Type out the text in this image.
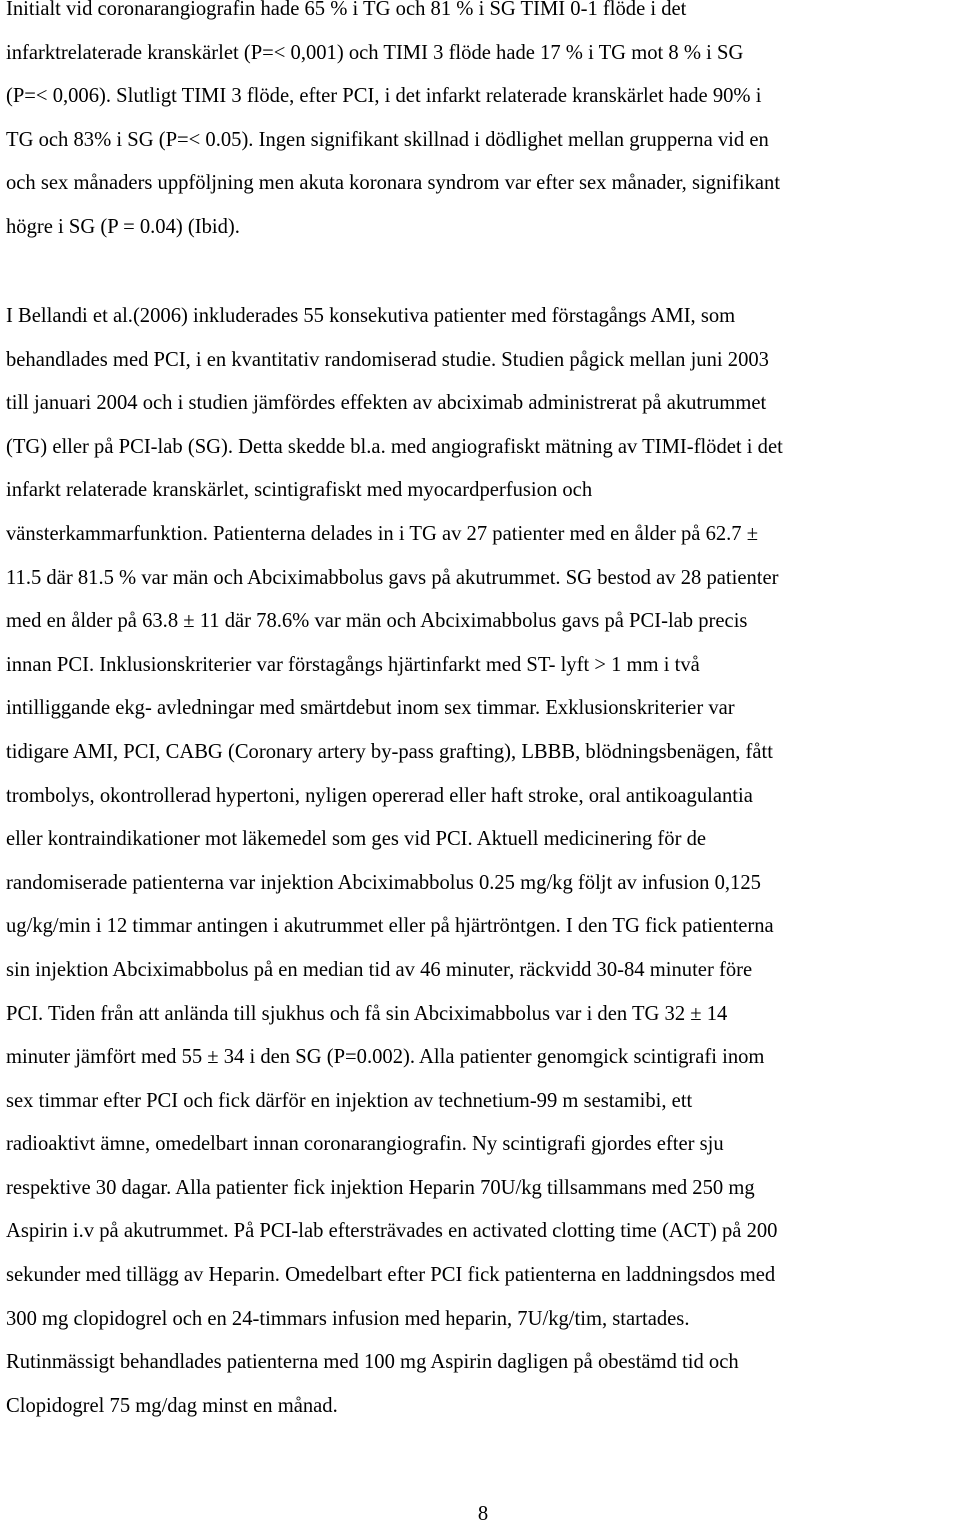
Initialt vid coronarangiografin hade 65 % i TG och 81 % i SG TIMI 0-1 flöde i det
infarktrelaterade kranskärlet (P=< 0,001) och TIMI 3 flöde hade 17 % i TG mot 8 % i SG
(P=< 0,006). Slutligt TIMI 3 flöde, efter PCI, i det infarkt relaterade kranskärlet hade 90% i
TG och 83% i SG (P=< 0.05). Ingen signifikant skillnad i dödlighet mellan grupperna vid en
och sex månaders uppföljning men akuta koronara syndrom var efter sex månader, signifikant
högre i SG (P = 0.04) (Ibid).
I Bellandi et al.(2006) inkluderades 55 konsekutiva patienter med förstagångs AMI, som
behandlades med PCI, i en kvantitativ randomiserad studie. Studien pågick mellan juni 2003
till januari 2004 och i studien jämfördes effekten av abciximab administrerat på akutrummet
(TG) eller på PCI-lab (SG). Detta skedde bl.a. med angiografiskt mätning av TIMI-flödet i det
infarkt relaterade kranskärlet, scintigrafiskt med myocardperfusion och
vänsterkammarfunktion. Patienterna delades in i TG av 27 patienter med en ålder på 62.7 ±
11.5 där 81.5 % var män och Abciximabbolus gavs på akutrummet. SG bestod av 28 patienter
med en ålder på 63.8 ± 11 där 78.6% var män och Abciximabbolus gavs på PCI-lab precis
innan PCI. Inklusionskriterier var förstagångs hjärtinfarkt med ST- lyft > 1 mm i två
intilliggande ekg- avledningar med smärtdebut inom sex timmar. Exklusionskriterier var
tidigare AMI, PCI, CABG (Coronary artery by-pass grafting), LBBB, blödningsbenägen, fått
trombolys, okontrollerad hypertoni, nyligen opererad eller haft stroke, oral antikoagulantia
eller kontraindikationer mot läkemedel som ges vid PCI. Aktuell medicinering för de
randomiserade patienterna var injektion Abciximabbolus 0.25 mg/kg följt av infusion 0,125
ug/kg/min i 12 timmar antingen i akutrummet eller på hjärtröntgen. I den TG fick patienterna
sin injektion Abciximabbolus på en median tid av 46 minuter, räckvidd 30-84 minuter före
PCI. Tiden från att anlända till sjukhus och få sin Abciximabbolus var i den TG 32 ± 14
minuter jämfört med 55 ± 34 i den SG (P=0.002). Alla patienter genomgick scintigrafi inom
sex timmar efter PCI och fick därför en injektion av technetium-99 m sestamibi, ett
radioaktivt ämne, omedelbart innan coronarangiografin. Ny scintigrafi gjordes efter sju
respektive 30 dagar. Alla patienter fick injektion Heparin 70U/kg tillsammans med 250 mg
Aspirin i.v på akutrummet. På PCI-lab eftersträvades en activated clotting time (ACT) på 200
sekunder med tillägg av Heparin. Omedelbart efter PCI fick patienterna en laddningsdos med
300 mg clopidogrel och en 24-timmars infusion med heparin, 7U/kg/tim, startades.
Rutinmässigt behandlades patienterna med 100 mg Aspirin dagligen på obestämd tid och
Clopidogrel 75 mg/dag minst en månad.
8
